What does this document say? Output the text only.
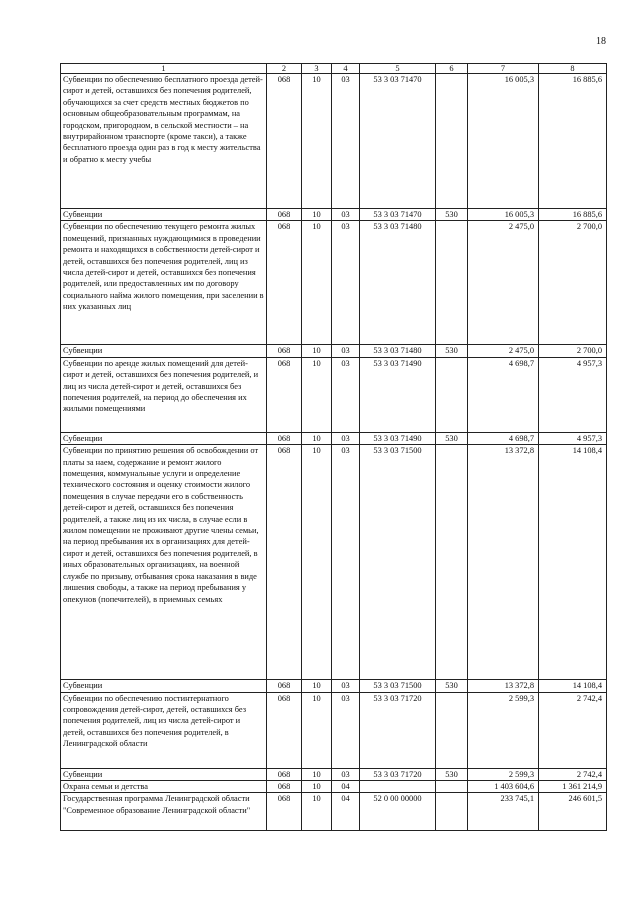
18
1	2	3	4	5	6	7	8
Субвенции по обеспечению бесплатного проезда детей-сирот и детей, оставшихся без попечения родителей, обучающихся за счет средств местных бюджетов по основным общеобразовательным программам, на городском, пригородном, в сельской местности – на внутрирайонном транспорте (кроме такси), а также бесплатного проезда один раз в год к месту жительства и обратно к месту учебы	068	10	03	53 3 03 71470		16 005,3	16 885,6
Субвенции	068	10	03	53 3 03 71470	530	16 005,3	16 885,6
Субвенции по обеспечению текущего ремонта жилых помещений, признанных нуждающимися в проведении ремонта и находящихся в собственности детей-сирот и детей, оставшихся без попечения родителей, лиц из числа детей-сирот и детей, оставшихся без попечения родителей, или предоставленных им по договору социального найма жилого помещения, при заселении в них указанных лиц	068	10	03	53 3 03 71480		2 475,0	2 700,0
Субвенции	068	10	03	53 3 03 71480	530	2 475,0	2 700,0
Субвенции по аренде жилых помещений для детей-сирот и детей, оставшихся без попечения родителей, и лиц из числа детей-сирот и детей, оставшихся без попечения родителей, на период до обеспечения их жилыми помещениями	068	10	03	53 3 03 71490		4 698,7	4 957,3
Субвенции	068	10	03	53 3 03 71490	530	4 698,7	4 957,3
Субвенции по принятию решения об освобождении от платы за наем, содержание и ремонт жилого помещения, коммунальные услуги и определение технического состояния и оценку стоимости жилого помещения в случае передачи его в собственность детей-сирот и детей, оставшихся без попечения родителей, а также лиц из их числа, в случае если в жилом помещении не проживают другие члены семьи, на период пребывания их в организациях для детей-сирот и детей, оставшихся без попечения родителей, в иных образовательных организациях, на военной службе по призыву, отбывания срока наказания в виде лишения свободы, а также на период пребывания у опекунов (попечителей), в приемных семьях	068	10	03	53 3 03 71500		13 372,8	14 108,4
Субвенции	068	10	03	53 3 03 71500	530	13 372,8	14 108,4
Субвенции по обеспечению постинтернатного сопровождения детей-сирот, детей, оставшихся без попечения родителей, лиц из числа детей-сирот и детей, оставшихся без попечения родителей, в Ленинградской области	068	10	03	53 3 03 71720		2 599,3	2 742,4
Субвенции	068	10	03	53 3 03 71720	530	2 599,3	2 742,4
Охрана семьи и детства	068	10	04			1 403 604,6	1 361 214,9
Государственная программа Ленинградской области "Современное образование Ленинградской области"	068	10	04	52 0 00 00000		233 745,1	246 601,5
